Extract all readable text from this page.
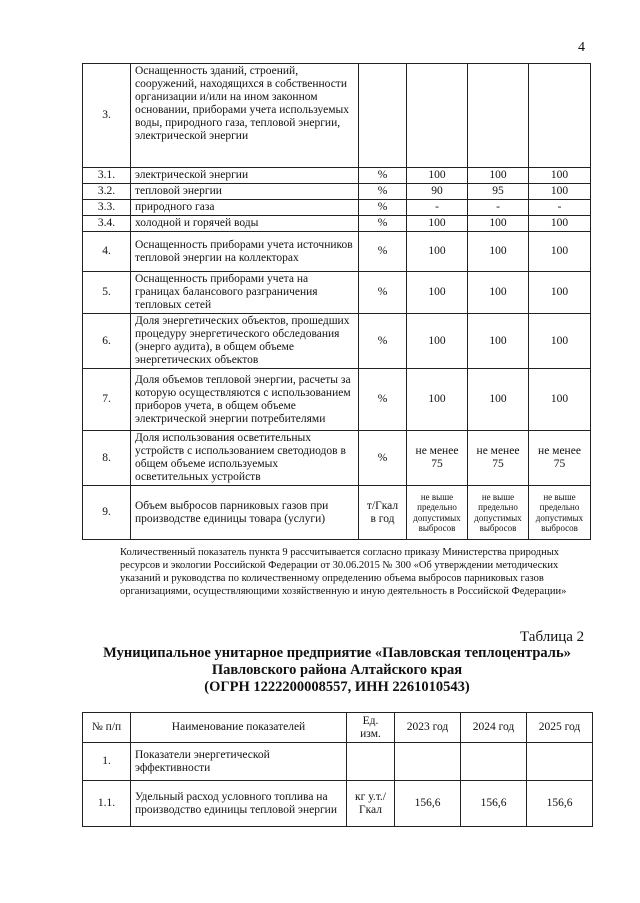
4
3.	Оснащенность зданий, строений, сооружений, находящихся в собственности организации и/или на ином законном основании, приборами учета используемых воды, природного газа, тепловой энергии, электрической энергии				
3.1.	электрической энергии	%	100	100	100
3.2.	тепловой энергии	%	90	95	100
3.3.	природного газа	%	-	-	-
3.4.	холодной и горячей воды	%	100	100	100
4.	Оснащенность приборами учета источников тепловой энергии на коллекторах	%	100	100	100
5.	Оснащенность приборами учета на границах балансового разграничения тепловых сетей	%	100	100	100
6.	Доля энергетических объектов, прошедших процедуру энергетического обследования (энерго аудита), в общем объеме энергетических объектов	%	100	100	100
7.	Доля объемов тепловой энергии, расчеты за которую осуществляются с использованием приборов учета, в общем объеме электрической энергии потребителями	%	100	100	100
8.	Доля использования осветительных устройств с использованием светодиодов в общем объеме используемых осветительных устройств	%	не менее 75	не менее 75	не менее 75
9.	Объем выбросов парниковых газов при производстве единицы товара (услуги)	т/Гкал в год	не выше предельно допустимых выбросов	не выше предельно допустимых выбросов	не выше предельно допустимых выбросов
Количественный показатель пункта 9 рассчитывается согласно приказу Министерства природных ресурсов и экологии Российской Федерации от 30.06.2015 № 300 «Об утверждении методических указаний и руководства по количественному определению объема выбросов парниковых газов организациями, осуществляющими хозяйственную и иную деятельность в Российской Федерации»
Таблица 2
Муниципальное унитарное предприятие «Павловская теплоцентраль»
Павловского района Алтайского края
(ОГРН 1222200008557, ИНН 2261010543)
№ п/п	Наименование показателей	Ед. изм.	2023 год	2024 год	2025 год
1.	Показатели энергетической эффективности				
1.1.	Удельный расход условного топлива на производство единицы тепловой энергии	кг у.т./ Гкал	156,6	156,6	156,6
